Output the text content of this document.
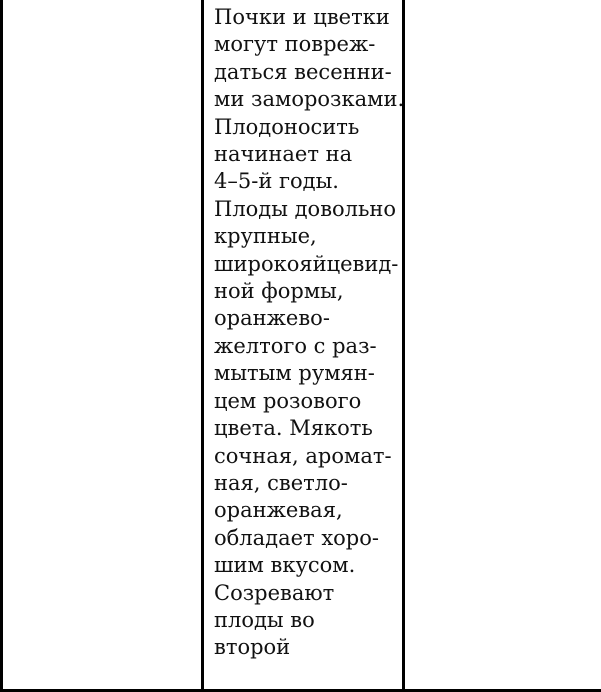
Почки и цветки
могут повреж-
даться весенни-
ми заморозками.
Плодоносить
начинает на
4–5-й годы.
Плоды довольно
крупные,
широкояйцевид-
ной формы,
оранжево-
желтого с раз-
мытым румян-
цем розового
цвета. Мякоть
сочная, аромат-
ная, светло-
оранжевая,
обладает хоро-
шим вкусом.
Созревают
плоды во
второй
